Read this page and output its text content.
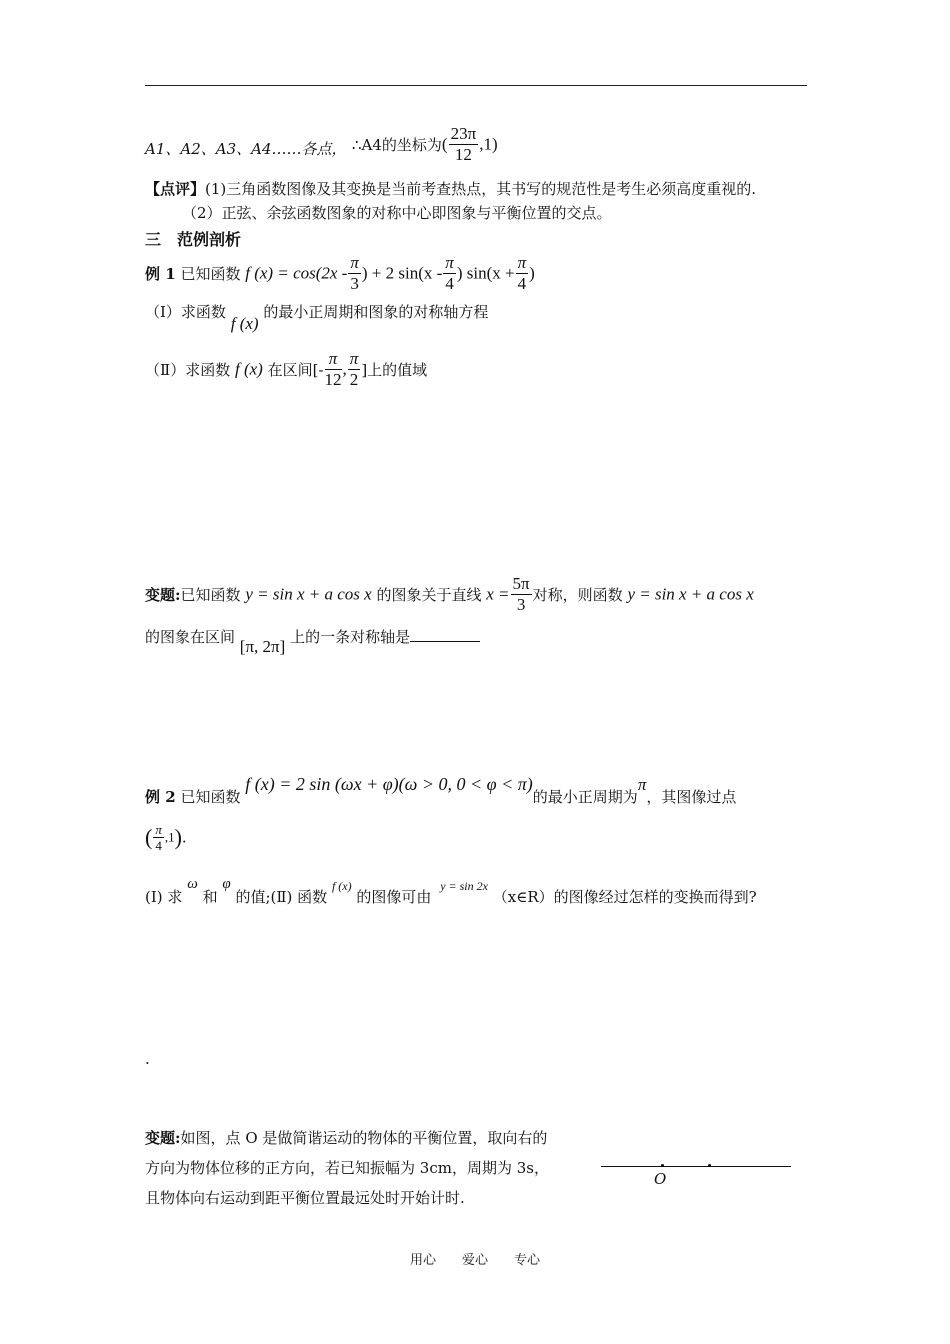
A1、A2、A3、A4……各点， ∴A4的坐标为( $\frac{23\pi}{12} ,1$)
【点评】(1)三角函数图像及其变换是当前考查热点，其书写的规范性是考生必须高度重视的.
（2）正弦、余弦函数图象的对称中心即图象与平衡位置的交点。
三　范例剖析
例 1 已知函数 f $(x) = \cos(2x - \frac{\pi}{3}$ ) + 2 $\sin(x - \frac{\pi}{4}$ ) $\sin(x + \frac{\pi}{4}$ )
（Ⅰ）求函数 f (x) 的最小正周期和图象的对称轴方程
（Ⅱ）求函数 f (x) 在区间[- $\frac{\pi}{12}$ , $\frac{\pi}{2}$ ]上的值域
变题:已知函数 y = sin x + a cos x 的图象关于直线 $x = \frac{5\pi}{3}$ 对称，则函数 y = sin x + a cos x
的图象在区间 [π, 2π] 上的一条对称轴是
例 2 已知函数 f (x) = 2 sin (ωx + φ)(ω > 0, 0 < φ < π)的最小正周期为π，其图像过点
( $\frac{\pi}{4} ,1$).
(Ⅰ) 求 ω 和 φ 的值;(Ⅱ) 函数 f (x) 的图像可由 y = sin 2x （x∈R）的图像经过怎样的变换而得到?
.
变题:如图，点 O 是做简谐运动的物体的平衡位置，取向右的
方向为物体位移的正方向，若已知振幅为 3cm，周期为 3s，
且物体向右运动到距平衡位置最远处时开始计时.
O
用心　　爱心　　专心
